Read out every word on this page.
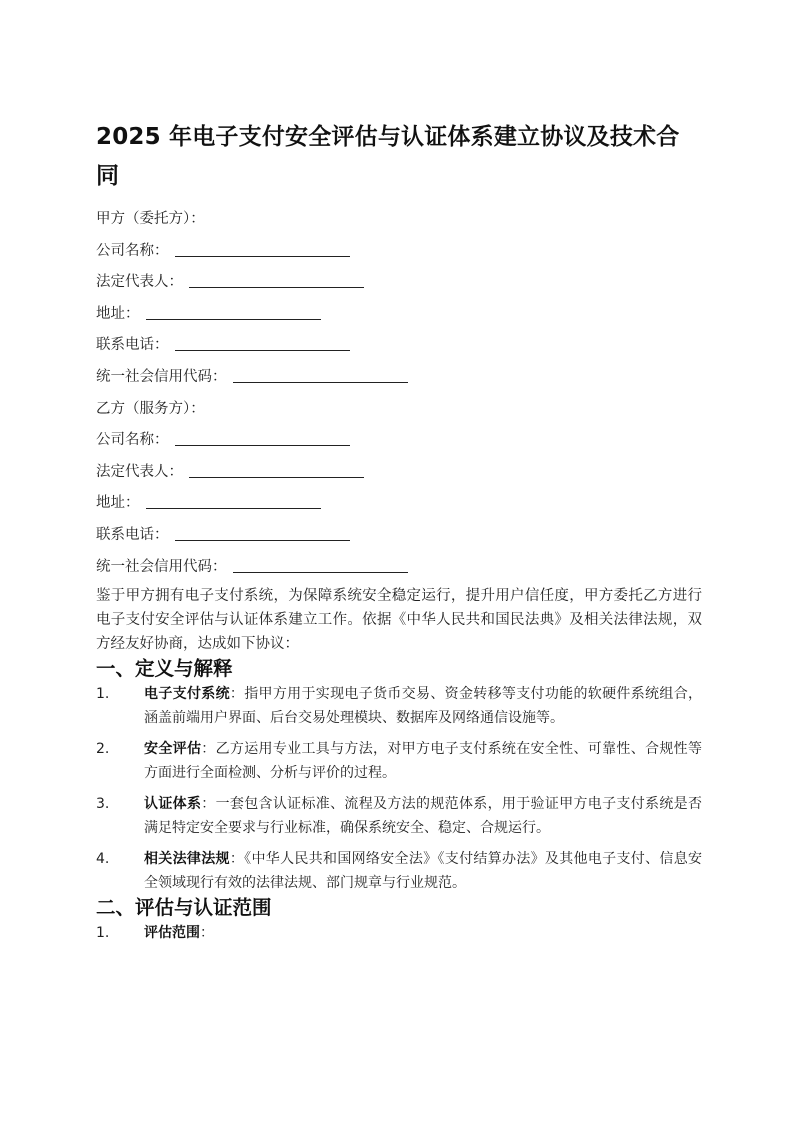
2025 年电子支付安全评估与认证体系建立协议及技术合同
甲方（委托方）：
公司名称：
法定代表人：
地址：
联系电话：
统一社会信用代码：
乙方（服务方）：
公司名称：
法定代表人：
地址：
联系电话：
统一社会信用代码：

鉴于甲方拥有电子支付系统，为保障系统安全稳定运行，提升用户信任度，甲方委托乙方进行电子支付安全评估与认证体系建立工作。依据《中华人民共和国民法典》及相关法律法规，双方经友好协商，达成如下协议：

一、定义与解释
1. 电子支付系统：指甲方用于实现电子货币交易、资金转移等支付功能的软硬件系统组合，涵盖前端用户界面、后台交易处理模块、数据库及网络通信设施等。
2. 安全评估：乙方运用专业工具与方法，对甲方电子支付系统在安全性、可靠性、合规性等方面进行全面检测、分析与评价的过程。
3. 认证体系：一套包含认证标准、流程及方法的规范体系，用于验证甲方电子支付系统是否满足特定安全要求与行业标准，确保系统安全、稳定、合规运行。
4. 相关法律法规：《中华人民共和国网络安全法》《支付结算办法》及其他电子支付、信息安全领域现行有效的法律法规、部门规章与行业规范。
二、评估与认证范围
1. 评估范围：
